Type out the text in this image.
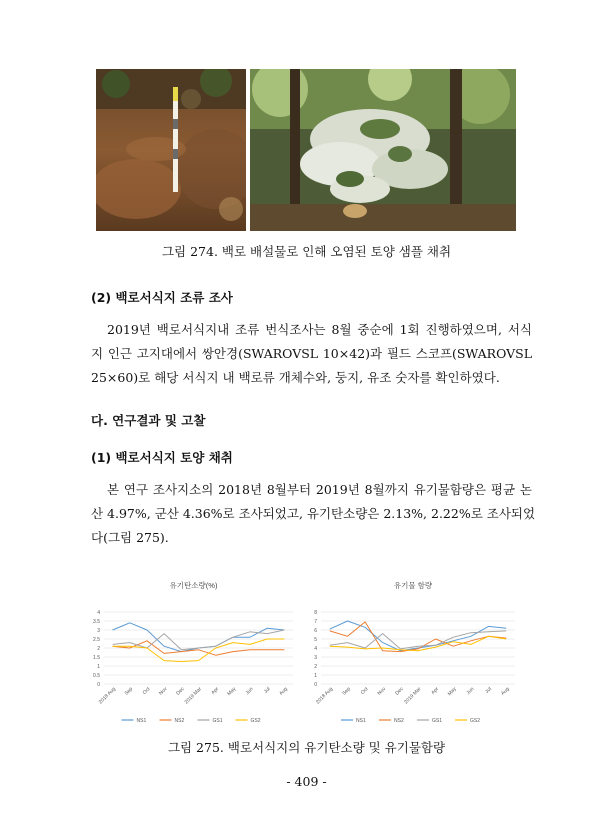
그림 274. 백로 배설물로 인해 오염된 토양 샘플 채취
(2) 백로서식지 조류 조사
2019년 백로서식지내 조류 번식조사는 8월 중순에 1회 진행하였으며, 서식
지 인근 고지대에서 쌍안경(SWAROVSL 10×42)과 필드 스코프(SWAROVSL
25×60)로 해당 서식지 내 백로류 개체수와, 둥지, 유조 숫자를 확인하였다.
다. 연구결과 및 고찰
(1) 백로서식지 토양 채취
본 연구 조사지소의 2018년 8월부터 2019년 8월까지 유기물함량은 평균 논
산 4.97%, 군산 4.36%로 조사되었고, 유기탄소량은 2.13%, 2.22%로 조사되었
다(그림 275).
유기탄소량(%)
0
0.5
1
1.5
2
2.5
3
3.5
4
2018 Aug Sep Oct Nov Dec
2019 Mar Apr May Jun Jul Aug
NS1	NS2	GS1	GS2
유기물 함량
0
1
2
3
4
5
6
7
8
2018 Aug Sep Oct Nov Dec
2019 Mar Apr May Jun Jul Aug
NS1	NS2	GS1	GS2
그림 275. 백로서식지의 유기탄소량 및 유기물함량
- 409 -
